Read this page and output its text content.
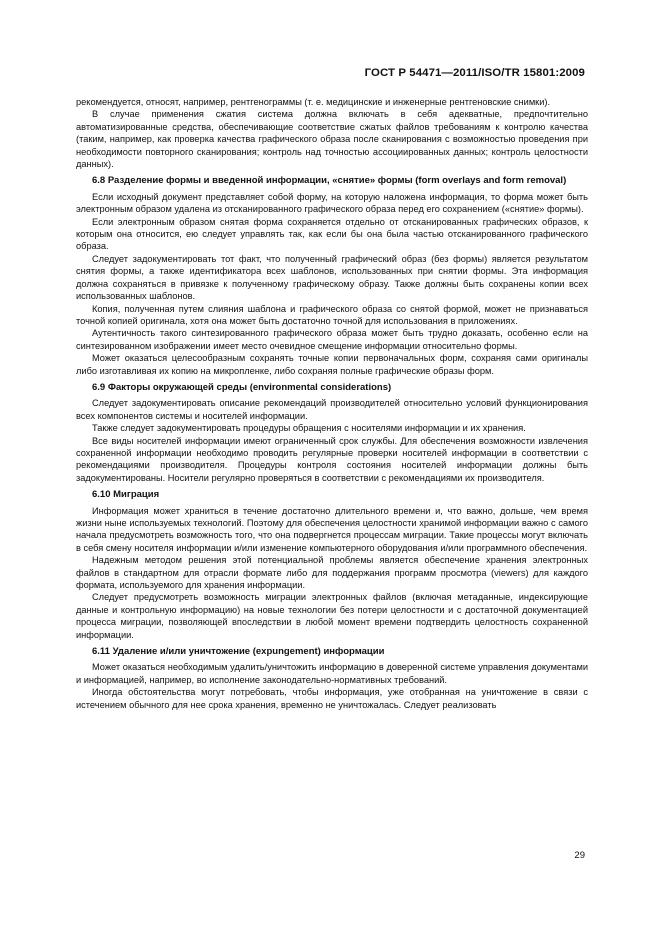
ГОСТ Р 54471—2011/ISO/TR 15801:2009

рекомендуется, относят, например, рентгенограммы (т. е. медицинские и инженерные рентгеновские снимки).

В случае применения сжатия система должна включать в себя адекватные, предпочтительно автоматизированные средства, обеспечивающие соответствие сжатых файлов требованиям к контролю качества (таким, например, как проверка качества графического образа после сканирования с возможностью проведения при необходимости повторного сканирования; контроль над точностью ассоциированных данных; контроль целостности данных).

6.8 Разделение формы и введенной информации, «снятие» формы (form overlays and form removal)

Если исходный документ представляет собой форму, на которую наложена информация, то форма может быть электронным образом удалена из отсканированного графического образа перед его сохранением («снятие» формы).

Если электронным образом снятая форма сохраняется отдельно от отсканированных графических образов, к которым она относится, ею следует управлять так, как если бы она была частью отсканированного графического образа.

Следует задокументировать тот факт, что полученный графический образ (без формы) является результатом снятия формы, а также идентификатора всех шаблонов, использованных при снятии формы. Эта информация должна сохраняться в привязке к полученному графическому образу. Также должны быть сохранены копии всех использованных шаблонов.

Копия, полученная путем слияния шаблона и графического образа со снятой формой, может не признаваться точной копией оригинала, хотя она может быть достаточно точной для использования в приложениях.

Аутентичность такого синтезированного графического образа может быть трудно доказать, особенно если на синтезированном изображении имеет место очевидное смещение информации относительно формы.

Может оказаться целесообразным сохранять точные копии первоначальных форм, сохраняя сами оригиналы либо изготавливая их копию на микропленке, либо сохраняя полные графические образы форм.

6.9 Факторы окружающей среды (environmental considerations)

Следует задокументировать описание рекомендаций производителей относительно условий функционирования всех компонентов системы и носителей информации.

Также следует задокументировать процедуры обращения с носителями информации и их хранения.

Все виды носителей информации имеют ограниченный срок службы. Для обеспечения возможности извлечения сохраненной информации необходимо проводить регулярные проверки носителей информации в соответствии с рекомендациями производителя. Процедуры контроля состояния носителей информации должны быть задокументированы. Носители регулярно проверяться в соответствии с рекомендациями их производителя.

6.10 Миграция

Информация может храниться в течение достаточно длительного времени и, что важно, дольше, чем время жизни ныне используемых технологий. Поэтому для обеспечения целостности хранимой информации важно с самого начала предусмотреть возможность того, что она подвергнется процессам миграции. Такие процессы могут включать в себя смену носителя информации и/или изменение компьютерного оборудования и/или программного обеспечения.

Надежным методом решения этой потенциальной проблемы является обеспечение хранения электронных файлов в стандартном для отрасли формате либо для поддержания программ просмотра (viewers) для каждого формата, используемого для хранения информации.

Следует предусмотреть возможность миграции электронных файлов (включая метаданные, индексирующие данные и контрольную информацию) на новые технологии без потери целостности и с достаточной документацией процесса миграции, позволяющей впоследствии в любой момент времени подтвердить целостность сохраненной информации.

6.11 Удаление и/или уничтожение (expungement) информации

Может оказаться необходимым удалить/уничтожить информацию в доверенной системе управления документами и информацией, например, во исполнение законодательно-нормативных требований.

Иногда обстоятельства могут потребовать, чтобы информация, уже отобранная на уничтожение в связи с истечением обычного для нее срока хранения, временно не уничтожалась. Следует реализовать

29
